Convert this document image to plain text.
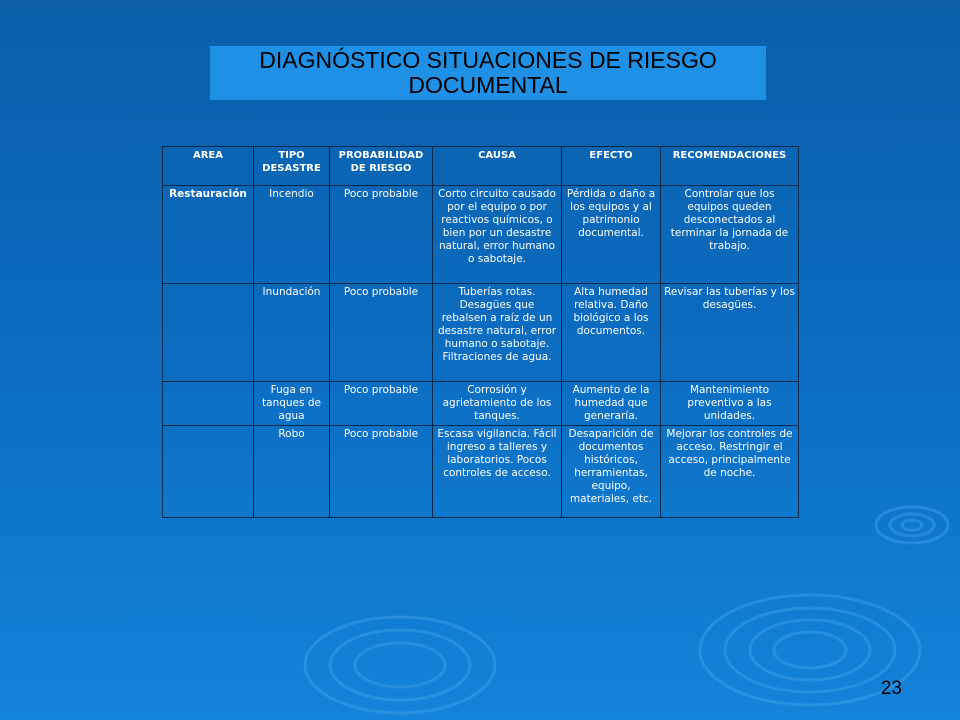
DIAGNÓSTICO SITUACIONES DE RIESGO
DOCUMENTAL
AREA	TIPO DESASTRE	PROBABILIDAD DE RIESGO	CAUSA	EFECTO	RECOMENDACIONES
Restauración	Incendio	Poco probable	Corto circuito causado por el equipo o por reactivos químicos, o bien por un desastre natural, error humano o sabotaje.	Pérdida o daño a los equipos y al patrimonio documental.	Controlar que los equipos queden desconectados al terminar la jornada de trabajo.
	Inundación	Poco probable	Tuberías rotas. Desagües que rebalsen a raíz de un desastre natural, error humano o sabotaje. Filtraciones de agua.	Alta humedad relativa. Daño biológico a los documentos.	Revisar las tuberías y los desagües.
	Fuga en tanques de agua	Poco probable	Corrosión y agrietamiento de los tanques.	Aumento de la humedad que generaría.	Mantenimiento preventivo a las unidades.
	Robo	Poco probable	Escasa vigilancia. Fácil ingreso a talleres y laboratorios. Pocos controles de acceso.	Desaparición de documentos históricos, herramientas, equipo, materiales, etc.	Mejorar los controles de acceso. Restringir el acceso, principalmente de noche.
23
